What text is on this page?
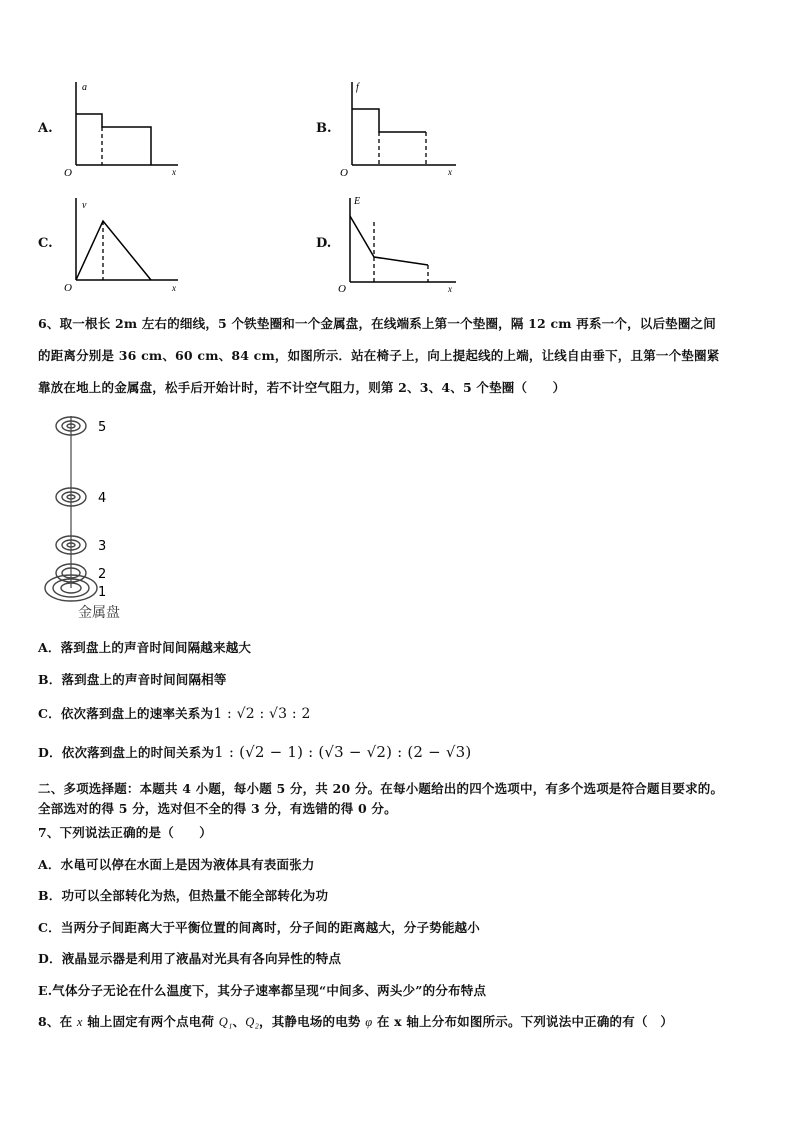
A.
a
x
O
B.
f
x
O
C.
v
x
O
D.
E
x
O
6、取一根长 2m 左右的细线，5 个铁垫圈和一个金属盘，在线端系上第一个垫圈，隔 12 cm 再系一个，以后垫圈之间
的距离分别是 36 cm、60 cm、84 cm，如图所示．站在椅子上，向上提起线的上端，让线自由垂下，且第一个垫圈紧
靠放在地上的金属盘，松手后开始计时，若不计空气阻力，则第 2、3、4、5 个垫圈（　　）
5
4
3
2
1
金属盘
A．落到盘上的声音时间间隔越来越大
B．落到盘上的声音时间间隔相等
C．依次落到盘上的速率关系为1 : √2 : √3 : 2
D．依次落到盘上的时间关系为1 : (√2 − 1) : (√3 − √2) : (2 − √3)
二、多项选择题：本题共 4 小题，每小题 5 分，共 20 分。在每小题给出的四个选项中，有多个选项是符合题目要求的。
全部选对的得 5 分，选对但不全的得 3 分，有选错的得 0 分。
7、下列说法正确的是（　　）
A．水黾可以停在水面上是因为液体具有表面张力
B．功可以全部转化为热，但热量不能全部转化为功
C．当两分子间距离大于平衡位置的间离时，分子间的距离越大，分子势能越小
D．液晶显示器是利用了液晶对光具有各向异性的特点
E.气体分子无论在什么温度下，其分子速率都呈现“中间多、两头少”的分布特点
8、在 x 轴上固定有两个点电荷 Q₁、Q₂，其静电场的电势 φ 在 x 轴上分布如图所示。下列说法中正确的有（　）
